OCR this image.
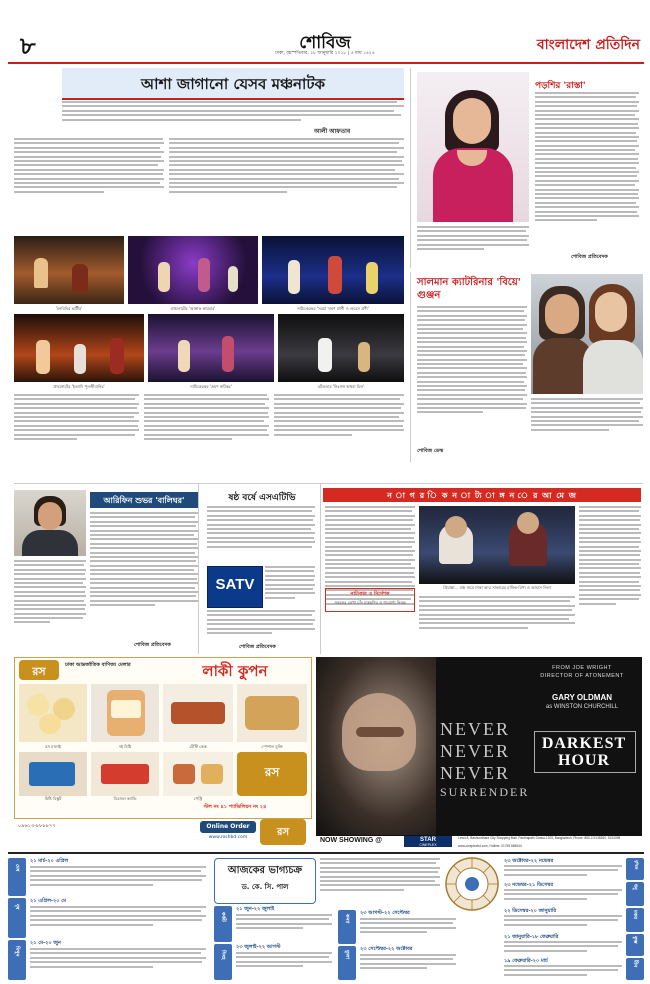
৮	শোবিজ
ঢাকা, বৃহস্পতিবার, ১৮ জানুয়ারি ২০১৮ | ৫ মাঘ ১৪২৪
বাংলাদেশ প্রতিদিন
আশা জাগানো যেসব মঞ্চনাটক
আলী আফতাব
'বনবিবির ভাটীর'	প্রাচ্যনাটের 'আঙ্গাক কারবার'	নাট্যকেন্দ্রের 'সরয়া দামণ প্রাণী ও শুরেস প্রণী'
প্রাচ্যনাটের 'ইত্যাদি পুনর্জীবানির'	নাট্যকেন্দ্রের 'ভ্রমণ নাটকর'	বটতলার 'নিঃসঙ্গ অথবা চিল'
পড়শির 'রাস্তা'
শোবিজ প্রতিবেদক
সালমান ক্যাটরিনার 'বিয়ে' গুঞ্জন
শোবিজ ডেস্ক
আরিফিন শুভর 'বালিঘর'
শোবিজ প্রতিবেদক
ষষ্ঠ বর্ষে এসএটিভি
SATV
শোবিজ প্রতিবেদক
ন া গ র ি ক ন া ট্য া ঙ্গ ন ে র আ মে জ
নাট্যকার ও নির্দেশক
সকলের লেখা চাঁদ মঞ্চমণির ও গবেষণা নিবন্ধ
প্রিয়াঙ্কা... মঞ্চ জমে ঢাকা আর সাভারের মানিক-রিপা ও আমাস নিলা
রস	ঢাকা আন্তর্জাতিক বাণিজ্য মেলার	লাকী কুপন
রস মালাই	দই মিষ্টি	টেস্টি কেক	স্পেশাল মুক্তি
রস
মিষ্টি বিস্কুট	ডিজেল ক্যান্ডি	পেস্ট্রি
স্টল নং ৪১ প্যাভিলিয়ন নং ২৪
০৯৬১৩-৮৮৮৮৭৭	Online Order
www.roshbd.com	রস
FROM JOE WRIGHT
DIRECTOR OF ATONEMENT
GARY OLDMAN
as WINSTON CHURCHILL
NEVER
NEVER
NEVER
SURRENDER
DARKEST HOUR
NOW SHOWING @	STAR
CINEPLEX
Level-8, Bashundhara City Shopping Mall, Panthapath Dhaka-1205, Bangladesh. Phone: 880-2-9138260, 9134098
www.cineplexbd.com, Hotline: 01755 665544
মেষ
২১ মার্চ-২০ এপ্রিল
বৃষ
২১ এপ্রিল-২০ মে
মিথুন
২১ মে-২০ জুন
আজকের ভাগ্যচক্র
ড. কে. সি. পাল
কর্কট
২১ জুন-২২ জুলাই
সিংহ
২৩ জুলাই-২২ আগস্ট
কন্যা
২৩ আগস্ট-২২ সেপ্টেম্বর
তুলা
২৩ সেপ্টেম্বর-২২ অক্টোবর
বৃশ্চিক
২৩ অক্টোবর-২২ নভেম্বর
ধনু
২৩ নভেম্বর-২১ ডিসেম্বর
মকর
২২ ডিসেম্বর-২০ জানুয়ারি
কুম্ভ
২১ জানুয়ারি-১৮ ফেব্রুয়ারি
মীন
১৯ ফেব্রুয়ারি-২০ মার্চ
